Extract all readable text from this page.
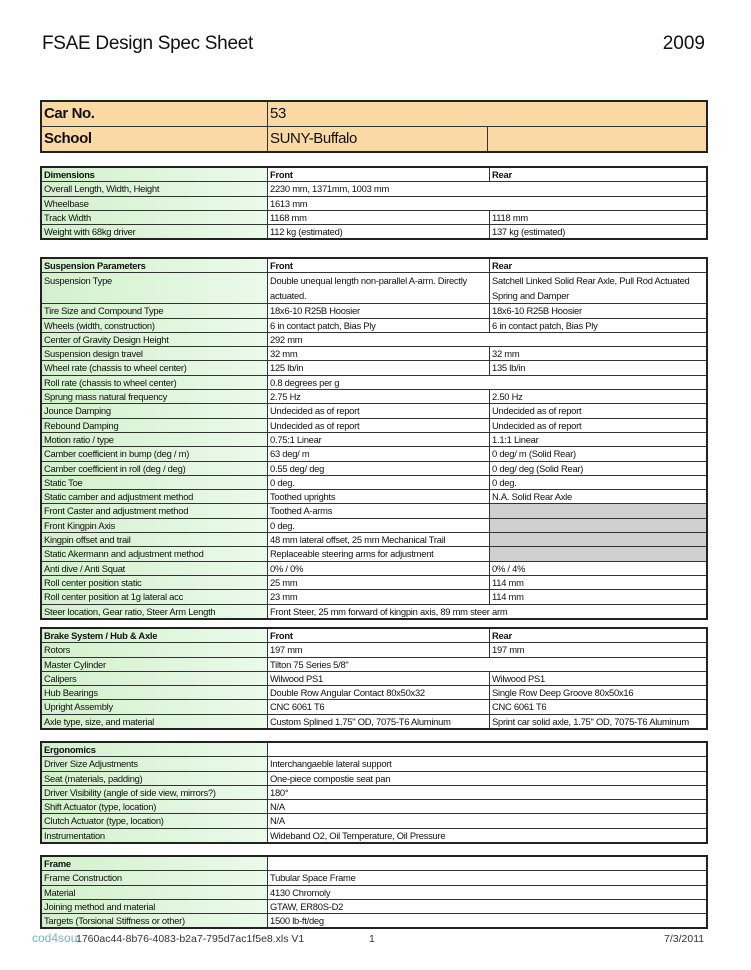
FSAE Design Spec Sheet	2009
Car No.	53	
School	SUNY-Buffalo	
Dimensions	Front	Rear
Overall Length, Width, Height	2230 mm, 1371mm, 1003 mm	
Wheelbase	1613 mm	
Track Width	1168 mm	1118 mm
Weight with 68kg driver	112 kg (estimated)	137 kg (estimated)
Suspension Parameters	Front	Rear
Suspension Type	Double unequal length non-parallel A-arm. Directly actuated.	Satchell Linked Solid Rear Axle, Pull Rod Actuated Spring and Damper
Tire Size and Compound Type	18x6-10 R25B Hoosier	18x6-10 R25B Hoosier
Wheels (width, construction)	6 in contact patch, Bias Ply	6 in contact patch, Bias Ply
Center of Gravity Design Height	292 mm	
Suspension design travel	32 mm	32 mm
Wheel rate (chassis to wheel center)	125 lb/in	135 lb/in
Roll rate (chassis to wheel center)	0.8 degrees per g	
Sprung mass natural frequency	2.75 Hz	2.50 Hz
Jounce Damping	Undecided as of report	Undecided as of report
Rebound Damping	Undecided as of report	Undecided as of report
Motion ratio / type	0.75:1 Linear	1.1:1 Linear
Camber coefficient in bump (deg / m)	63 deg/ m	0 deg/ m (Solid Rear)
Camber coefficient in roll (deg / deg)	0.55 deg/ deg	0 deg/ deg (Solid Rear)
Static Toe	0 deg.	0 deg.
Static camber and adjustment method	Toothed uprights	N.A. Solid Rear Axle
Front Caster and adjustment method	Toothed A-arms	
Front Kingpin Axis	0 deg.	
Kingpin offset and trail	48 mm lateral offset, 25 mm Mechanical Trail	
Static Akermann and adjustment method	Replaceable steering arms for adjustment	
Anti dive / Anti Squat	0% / 0%	0% / 4%
Roll center position static	25 mm	114 mm
Roll center position at 1g lateral acc	23 mm	114 mm
Steer location, Gear ratio, Steer Arm Length	Front Steer, 25 mm forward of kingpin axis, 89 mm steer arm	
Brake System / Hub & Axle	Front	Rear
Rotors	197 mm	197 mm
Master Cylinder	Tilton 75 Series 5/8"	
Calipers	Wilwood PS1	Wilwood PS1
Hub Bearings	Double Row Angular Contact 80x50x32	Single Row Deep Groove 80x50x16
Upright Assembly	CNC 6061 T6	CNC 6061 T6
Axle type, size, and material	Custom Splined 1.75" OD, 7075-T6 Aluminum	Sprint car solid axle, 1.75" OD, 7075-T6 Aluminum
Ergonomics	
Driver Size Adjustments	Interchangaeble lateral support
Seat (materials, padding)	One-piece compostie seat pan
Driver Visibility (angle of side view, mirrors?)	180°
Shift Actuator (type, location)	N/A
Clutch Actuator (type, location)	N/A
Instrumentation	Wideband O2, Oil Temperature, Oil Pressure
Frame	
Frame Construction	Tubular Space Frame
Material	4130 Chromoly
Joining method and material	GTAW, ER80S-D2
Targets (Torsional Stiffness or other)	1500 lb-ft/deg
cod4sou
1760ac44-8b76-4083-b2a7-795d7ac1f5e8.xls V1	1	7/3/2011
